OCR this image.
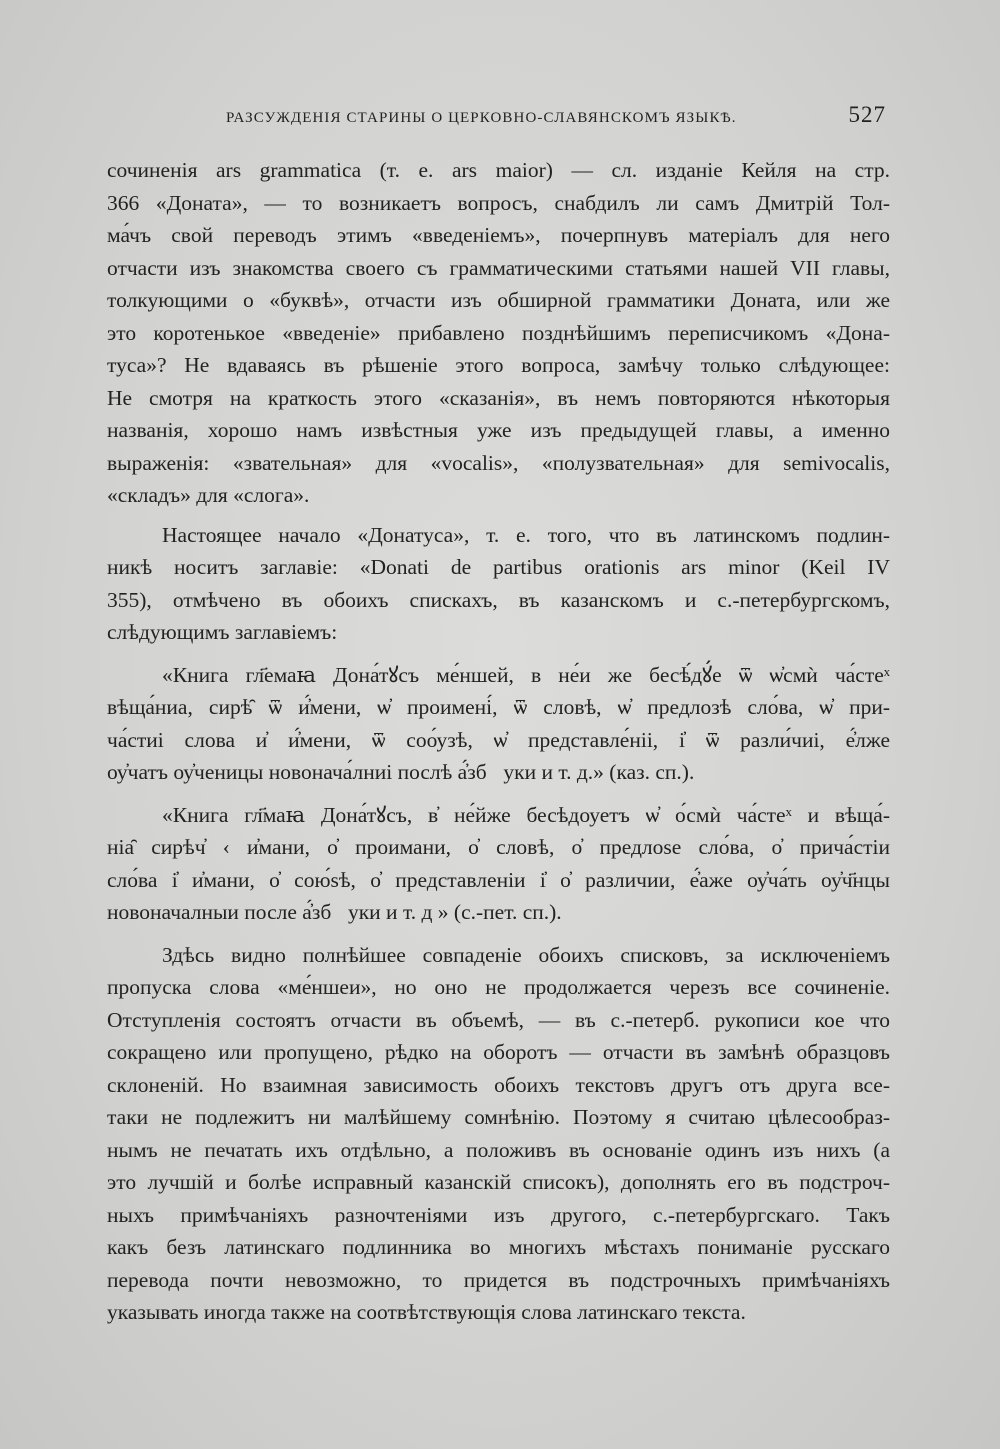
РАЗСУЖДЕНІЯ СТАРИНЫ О ЦЕРКОВНО-СЛАВЯНСКОМЪ ЯЗЫКѢ.	527
сочиненія ars grammatica (т. е. ars maior) — сл. изданіе Кейля на стр.
366 «Доната», — то возникаетъ вопросъ, снабдилъ ли самъ Дмитрій Тол-
ма́чъ свой переводъ этимъ «введеніемъ», почерпнувъ матеріалъ для него
отчасти изъ знакомства своего съ грамматическими статьями нашей VII главы,
толкующими о «буквѣ», отчасти изъ обширной грамматики Доната, или же
это коротенькое «введеніе» прибавлено позднѣйшимъ переписчикомъ «Дона-
туса»? Не вдаваясь въ рѣшеніе этого вопроса, замѣчу только слѣдующее:
Не смотря на краткость этого «сказанія», въ немъ повторяются нѣкоторыя
названія, хорошо намъ извѣстныя уже изъ предыдущей главы, а именно
выраженія: «звательная» для «vocalis», «полузвательная» для semivocalis,
«складъ» для «слога».
Настоящее начало «Донатуса», т. е. того, что въ латинскомъ подлин-
никѣ носитъ заглавіе: «Donati de partibus orationis ars minor (Keil IV
355), отмѣчено въ обоихъ спискахъ, въ казанскомъ и с.-петербургскомъ,
слѣдующимъ заглавіемъ:
«Книга гл҃емаꙗ Дона́тꙋсъ ме́ншей, в не́и же бесѣ́дꙋ́е ѿ ѡ҆смѝ ча́стеˣ
вѣща́ниа, сирѣ̑ ѿ и҆́мени, ѡ҆ проимені́, ѿ словѣ, ѡ҆ предлозѣ сло́ва, ѡ҆ при-
ча́стиі слова и҆ и҆́мени, ѿ соо́узѣ, ѡ҆ представле́ніі, і҆ ѿ разли́чиі, е҆́лже
оу҆чатъ оу҆ченицы новонача́лниі послѣ а҆́зб꙯уки и т. д.» (каз. сп.).
«Книга гл҃маꙗ Дона́тꙋсъ, в҆ не́йже бесѣдоуетъ ѡ҆ о́смѝ ча́стеˣ и вѣща́-
ніа̑ сирѣч҆ ‹ и҆мани, о҆ проимани, о҆ словѣ, о҆ предлоѕе сло́ва, о҆ прича́стіи
сло́ва і҆ и҆мани, о҆ сою́ѕѣ, о҆ представленіи і҆ о҆ различии, е҆́аже оу҆ча́ть оу҆ч҃нцы
новоначалныи после а҆́зб꙯уки и т. д » (с.-пет. сп.).
Здѣсь видно полнѣйшее совпаденіе обоихъ списковъ, за исключеніемъ
пропуска слова «ме́ншеи», но оно не продолжается черезъ все сочиненіе.
Отступленія состоятъ отчасти въ объемѣ, — въ с.-петерб. рукописи кое что
сокращено или пропущено, рѣдко на оборотъ — отчасти въ замѣнѣ образцовъ
склоненій. Но взаимная зависимость обоихъ текстовъ другъ отъ друга все-
таки не подлежитъ ни малѣйшему сомнѣнію. Поэтому я считаю цѣлесообраз-
нымъ не печатать ихъ отдѣльно, а положивъ въ основаніе одинъ изъ нихъ (а
это лучшій и болѣе исправный казанскій списокъ), дополнять его въ подстроч-
ныхъ примѣчаніяхъ разночтеніями изъ другого, с.-петербургскаго. Такъ
какъ безъ латинскаго подлинника во многихъ мѣстахъ пониманіе русскаго
перевода почти невозможно, то придется въ подстрочныхъ примѣчаніяхъ
указывать иногда также на соотвѣтствующія слова латинскаго текста.
